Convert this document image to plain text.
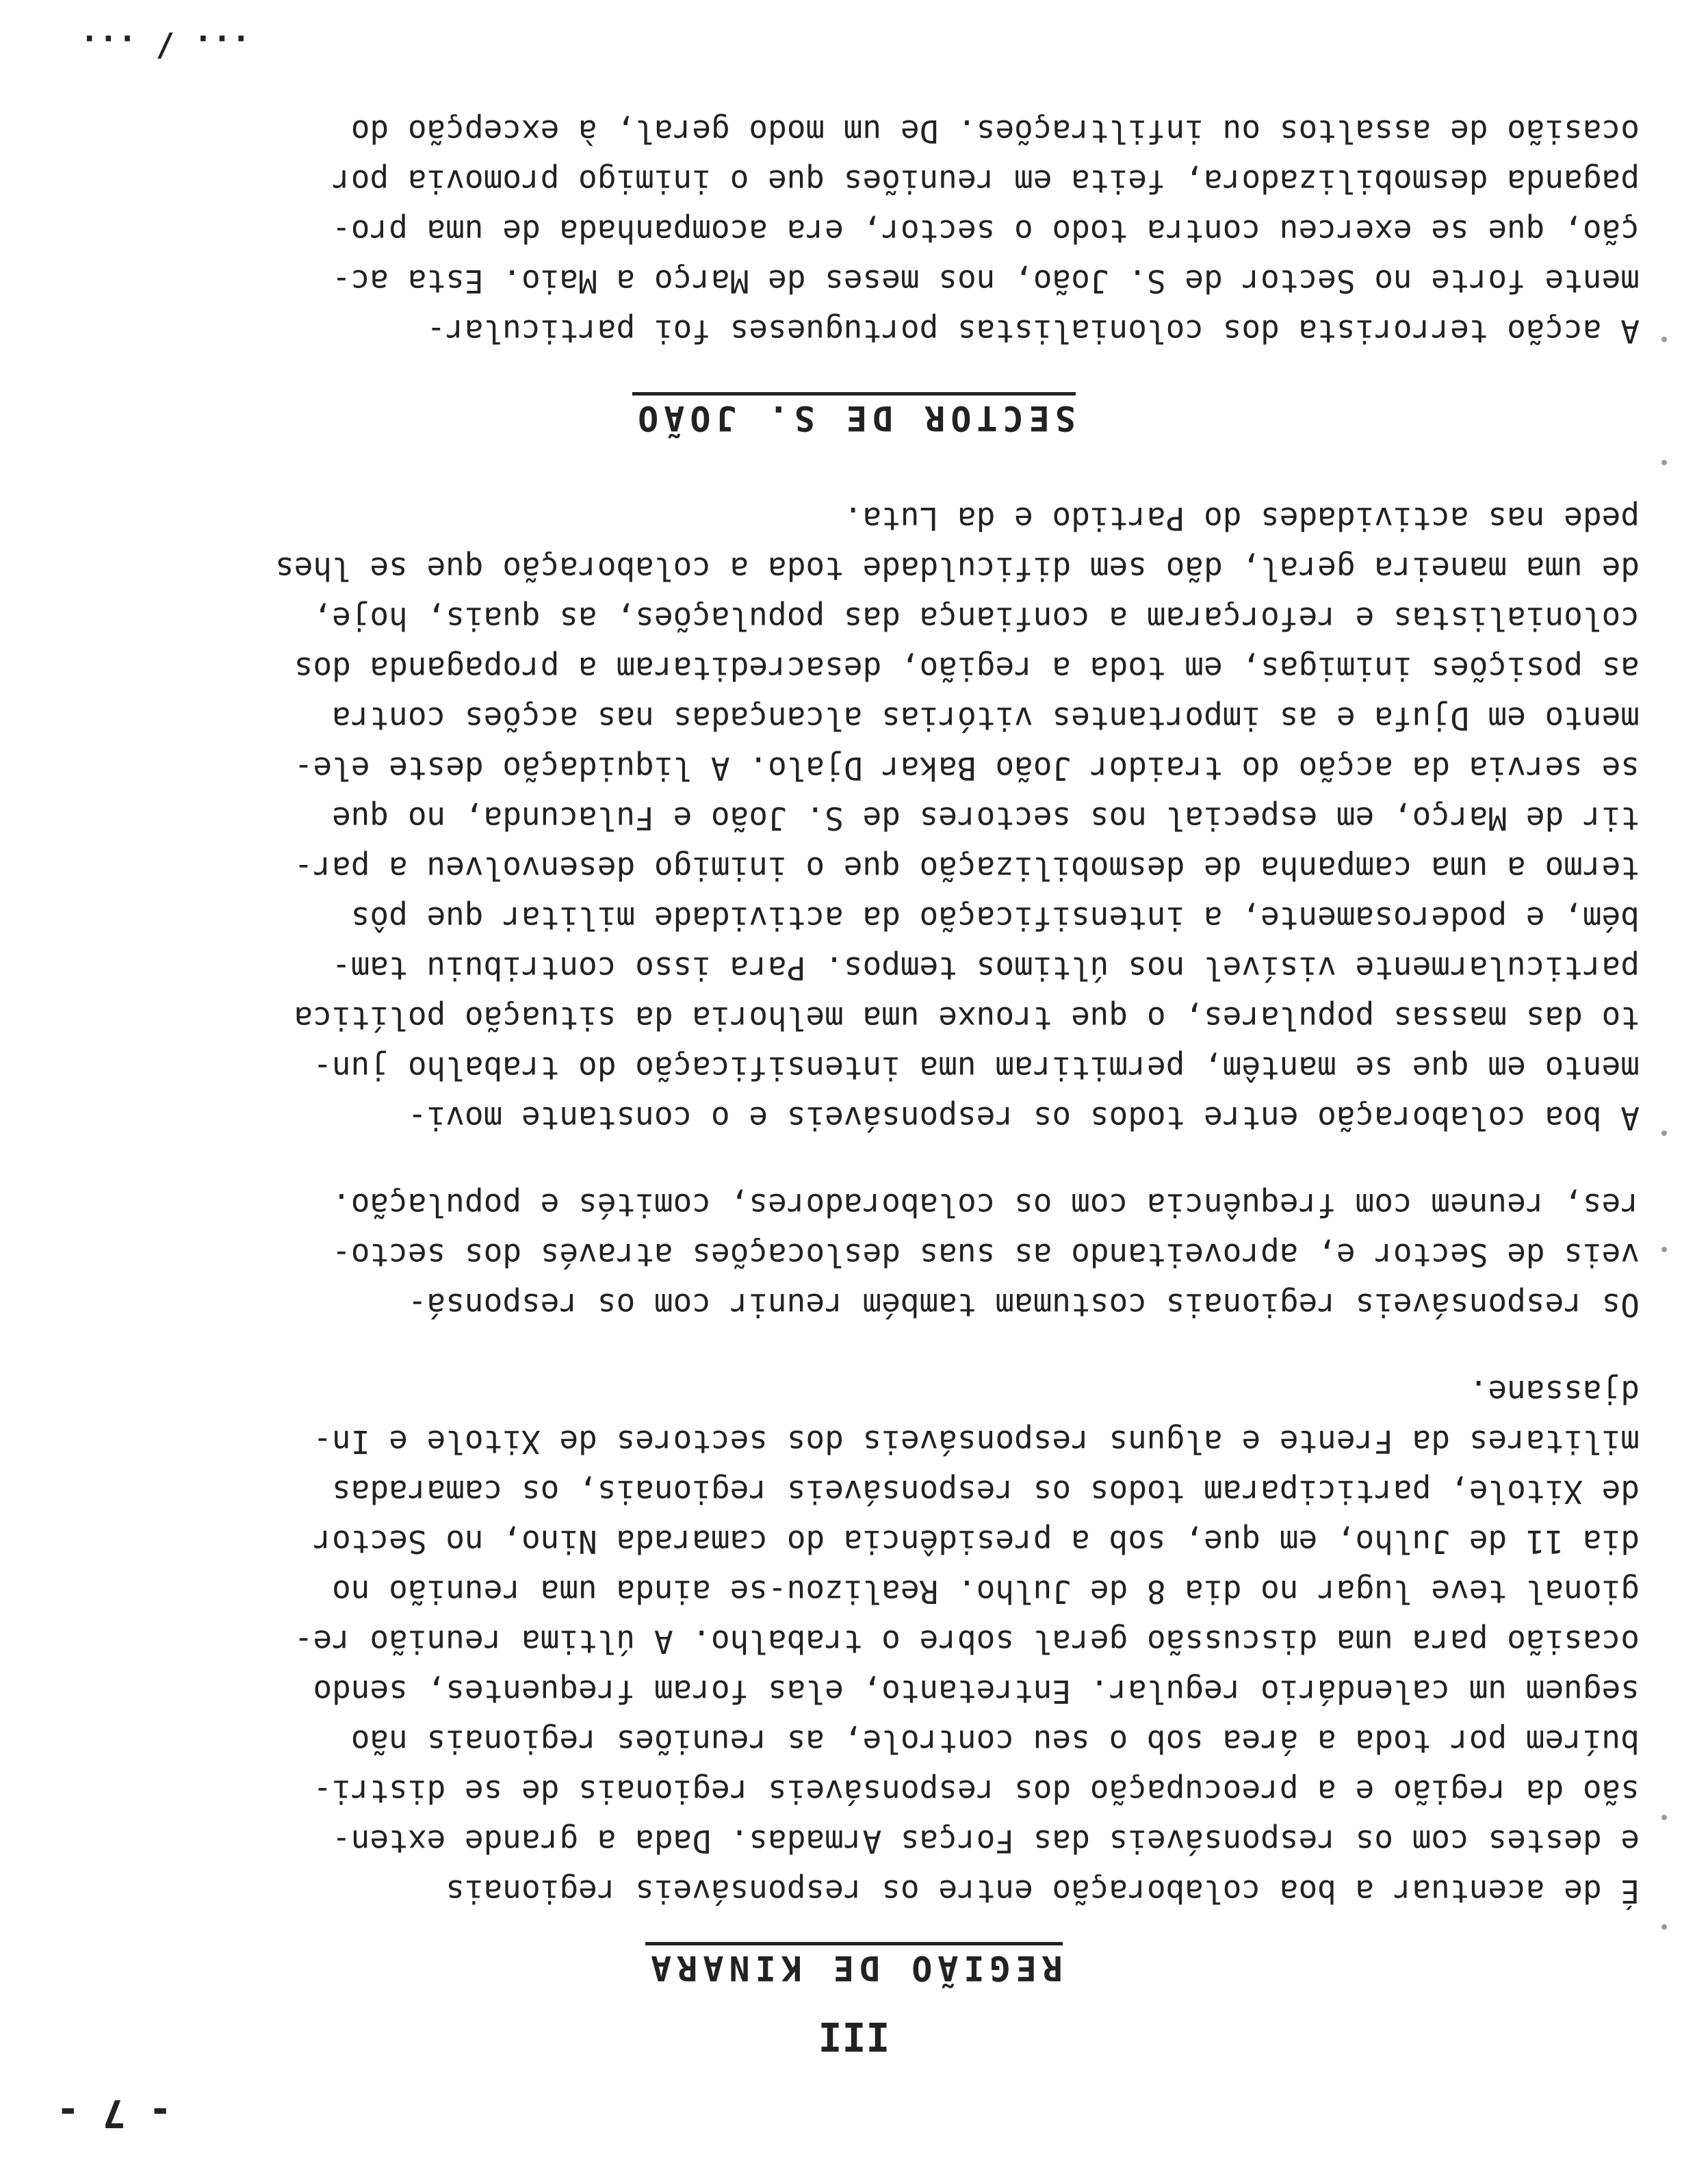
- 7 -
III
REGIÃO DE KINARA

É de acentuar a boa colaboração entre os responsáveis regionais

e destes com os responsáveis das Forças Armadas. Dada a grande exten-

são da região e a preocupação dos responsáveis regionais de se distri-

buírem por toda a área sob o seu controle, as reuniões regionais não

seguem um calendário regular. Entretanto, elas foram frequentes, sendo

ocasião para uma discussão geral sobre o trabalho. A última reunião re-

gional teve lugar no dia 8 de Julho. Realizou-se ainda uma reunião no

dia 11 de Julho, em que, sob a presidência do camarada Nino, no Sector

de Xitole, participaram todos os responsáveis regionais, os camaradas

militares da Frente e alguns responsáveis dos sectores de Xitole e In-

djassane.

Os responsáveis regionais costumam também reunir com os responsá-

veis de Sector e, aproveitando as suas deslocações através dos secto-

res, reunem com frequência com os colaboradores, comités e população.

A boa colaboração entre todos os responsáveis e o constante movi-

mento em que se mantêm, permitiram uma intensificação do trabalho jun-

to das massas populares, o que trouxe uma melhoria da situação política

particularmente visível nos últimos tempos. Para isso contribuiu tam-

bém, e poderosamente, a intensificação da actividade militar que pôs

termo a uma campanha de desmobilização que o inimigo desenvolveu a par-

tir de Março, em especial nos sectores de S. João e Fulacunda, no que

se servia da acção do traidor João Bakar Djalo. A liquidação deste ele-

mento em Djufa e as importantes vitórias alcançadas nas acções contra

as posições inimigas, em toda a região, desacreditaram a propaganda dos

colonialistas e reforçaram a confiança das populações, as quais, hoje,

de uma maneira geral, dão sem dificuldade toda a colaboração que se lhes

pede nas actividades do Partido e da Luta.

SECTOR DE S. JOÃO

A acção terrorista dos colonialistas portugueses foi particular-

mente forte no Sector de S. João, nos meses de Março a Maio. Esta ac-

ção, que se exerceu contra todo o sector, era acompanhada de uma pro-

paganda desmobilizadora, feita em reuniões que o inimigo promovia por

ocasião de assaltos ou infiltrações. De um modo geral, à excepção do

... / ...
